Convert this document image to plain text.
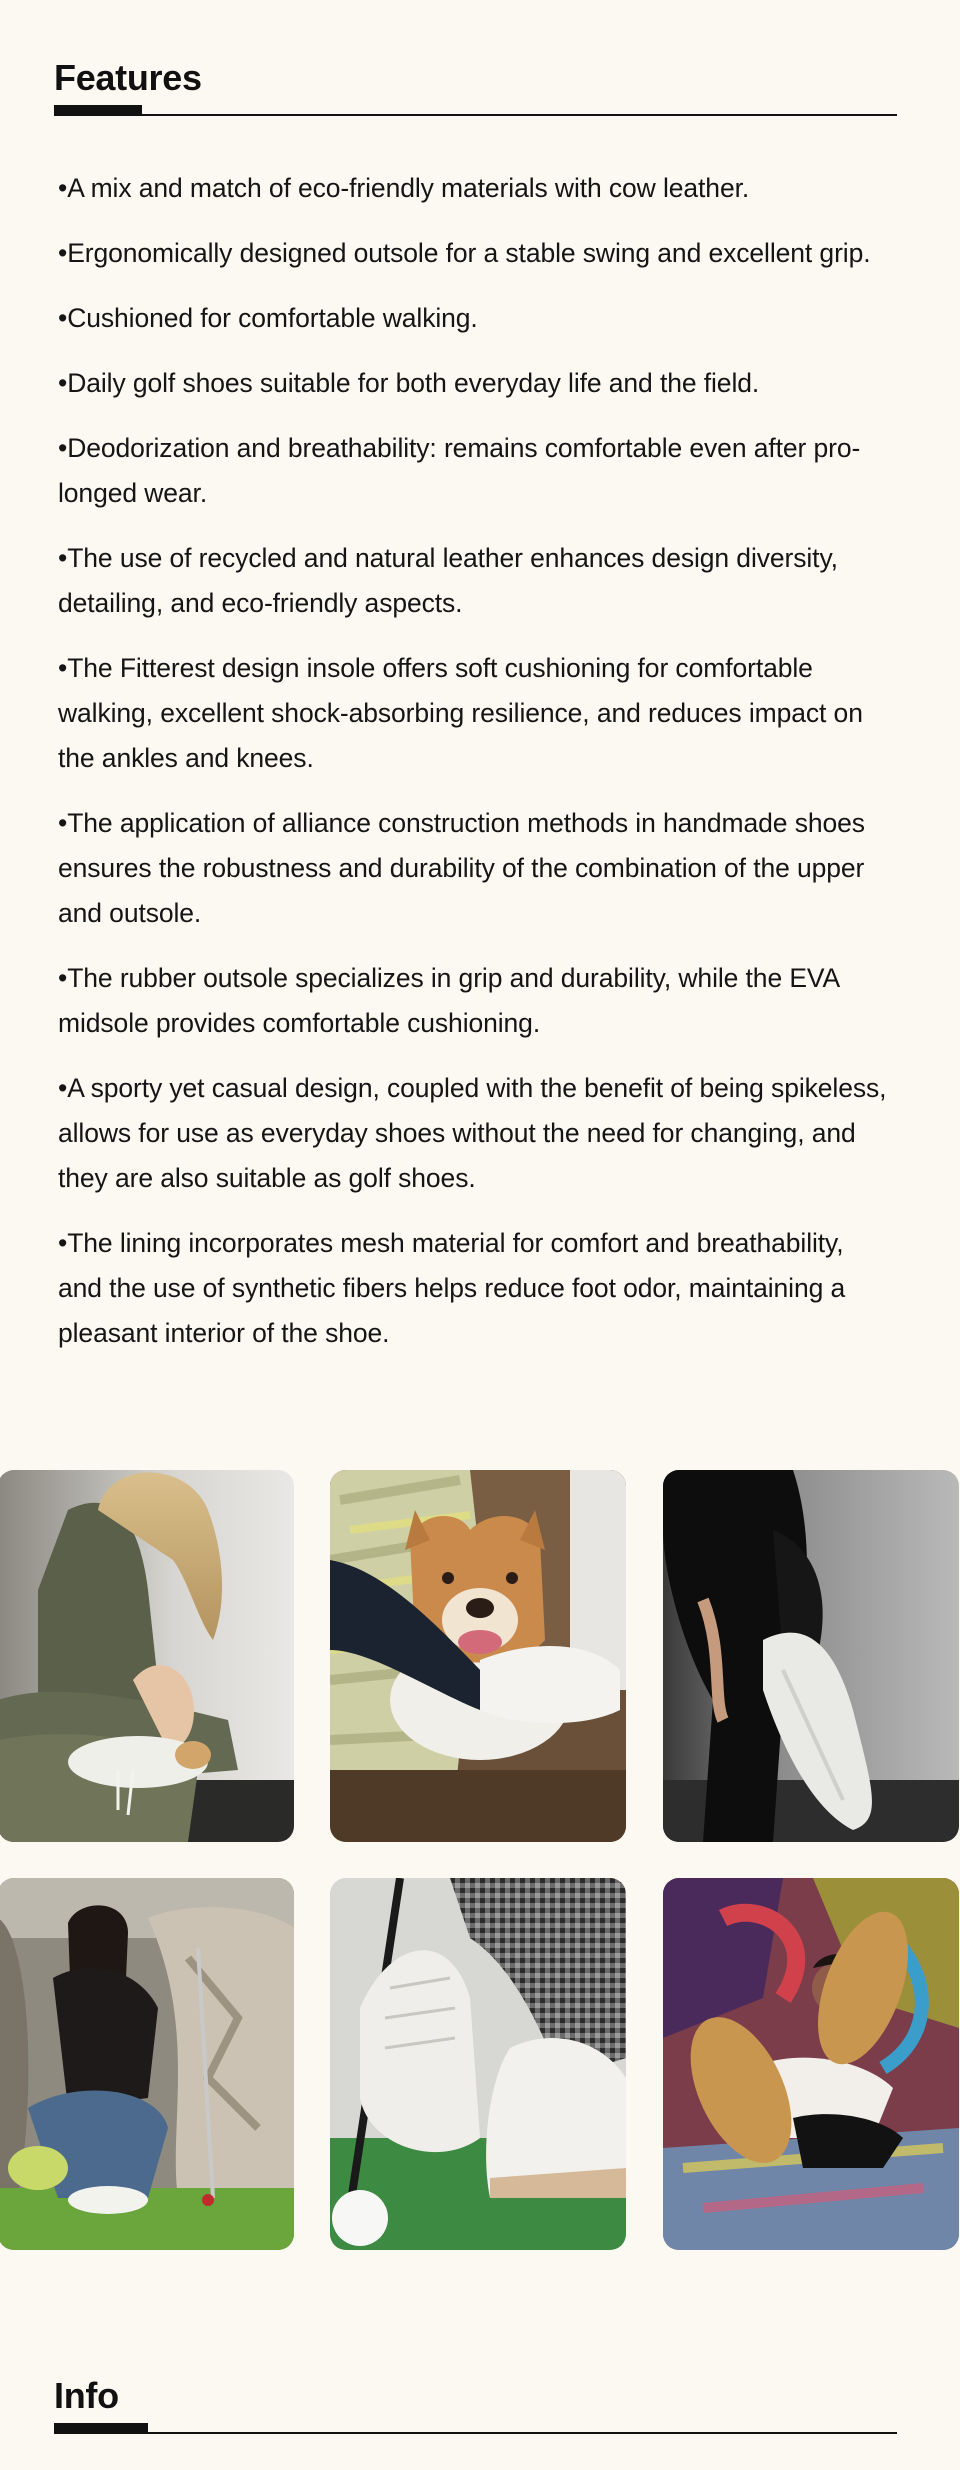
Features
• A mix and match of eco-friendly materials with cow leather.
• Ergonomically designed outsole for a stable swing and excellent grip.
• Cushioned for comfortable walking.
• Daily golf shoes suitable for both everyday life and the field.
• Deodorization and breathability: remains comfortable even after prolonged wear.
• The use of recycled and natural leather enhances design diversity, detailing, and eco-friendly aspects.
• The Fitterest design insole offers soft cushioning for comfortable walking, excellent shock-absorbing resilience, and reduces impact on the ankles and knees.
• The application of alliance construction methods in handmade shoes ensures the robustness and durability of the combination of the upper and outsole.
• The rubber outsole specializes in grip and durability, while the EVA midsole provides comfortable cushioning.
• A sporty yet casual design, coupled with the benefit of being spikeless, allows for use as everyday shoes without the need for changing, and they are also suitable as golf shoes.
• The lining incorporates mesh material for comfort and breathability, and the use of synthetic fibers helps reduce foot odor, maintaining a pleasant interior of the shoe.
Info
